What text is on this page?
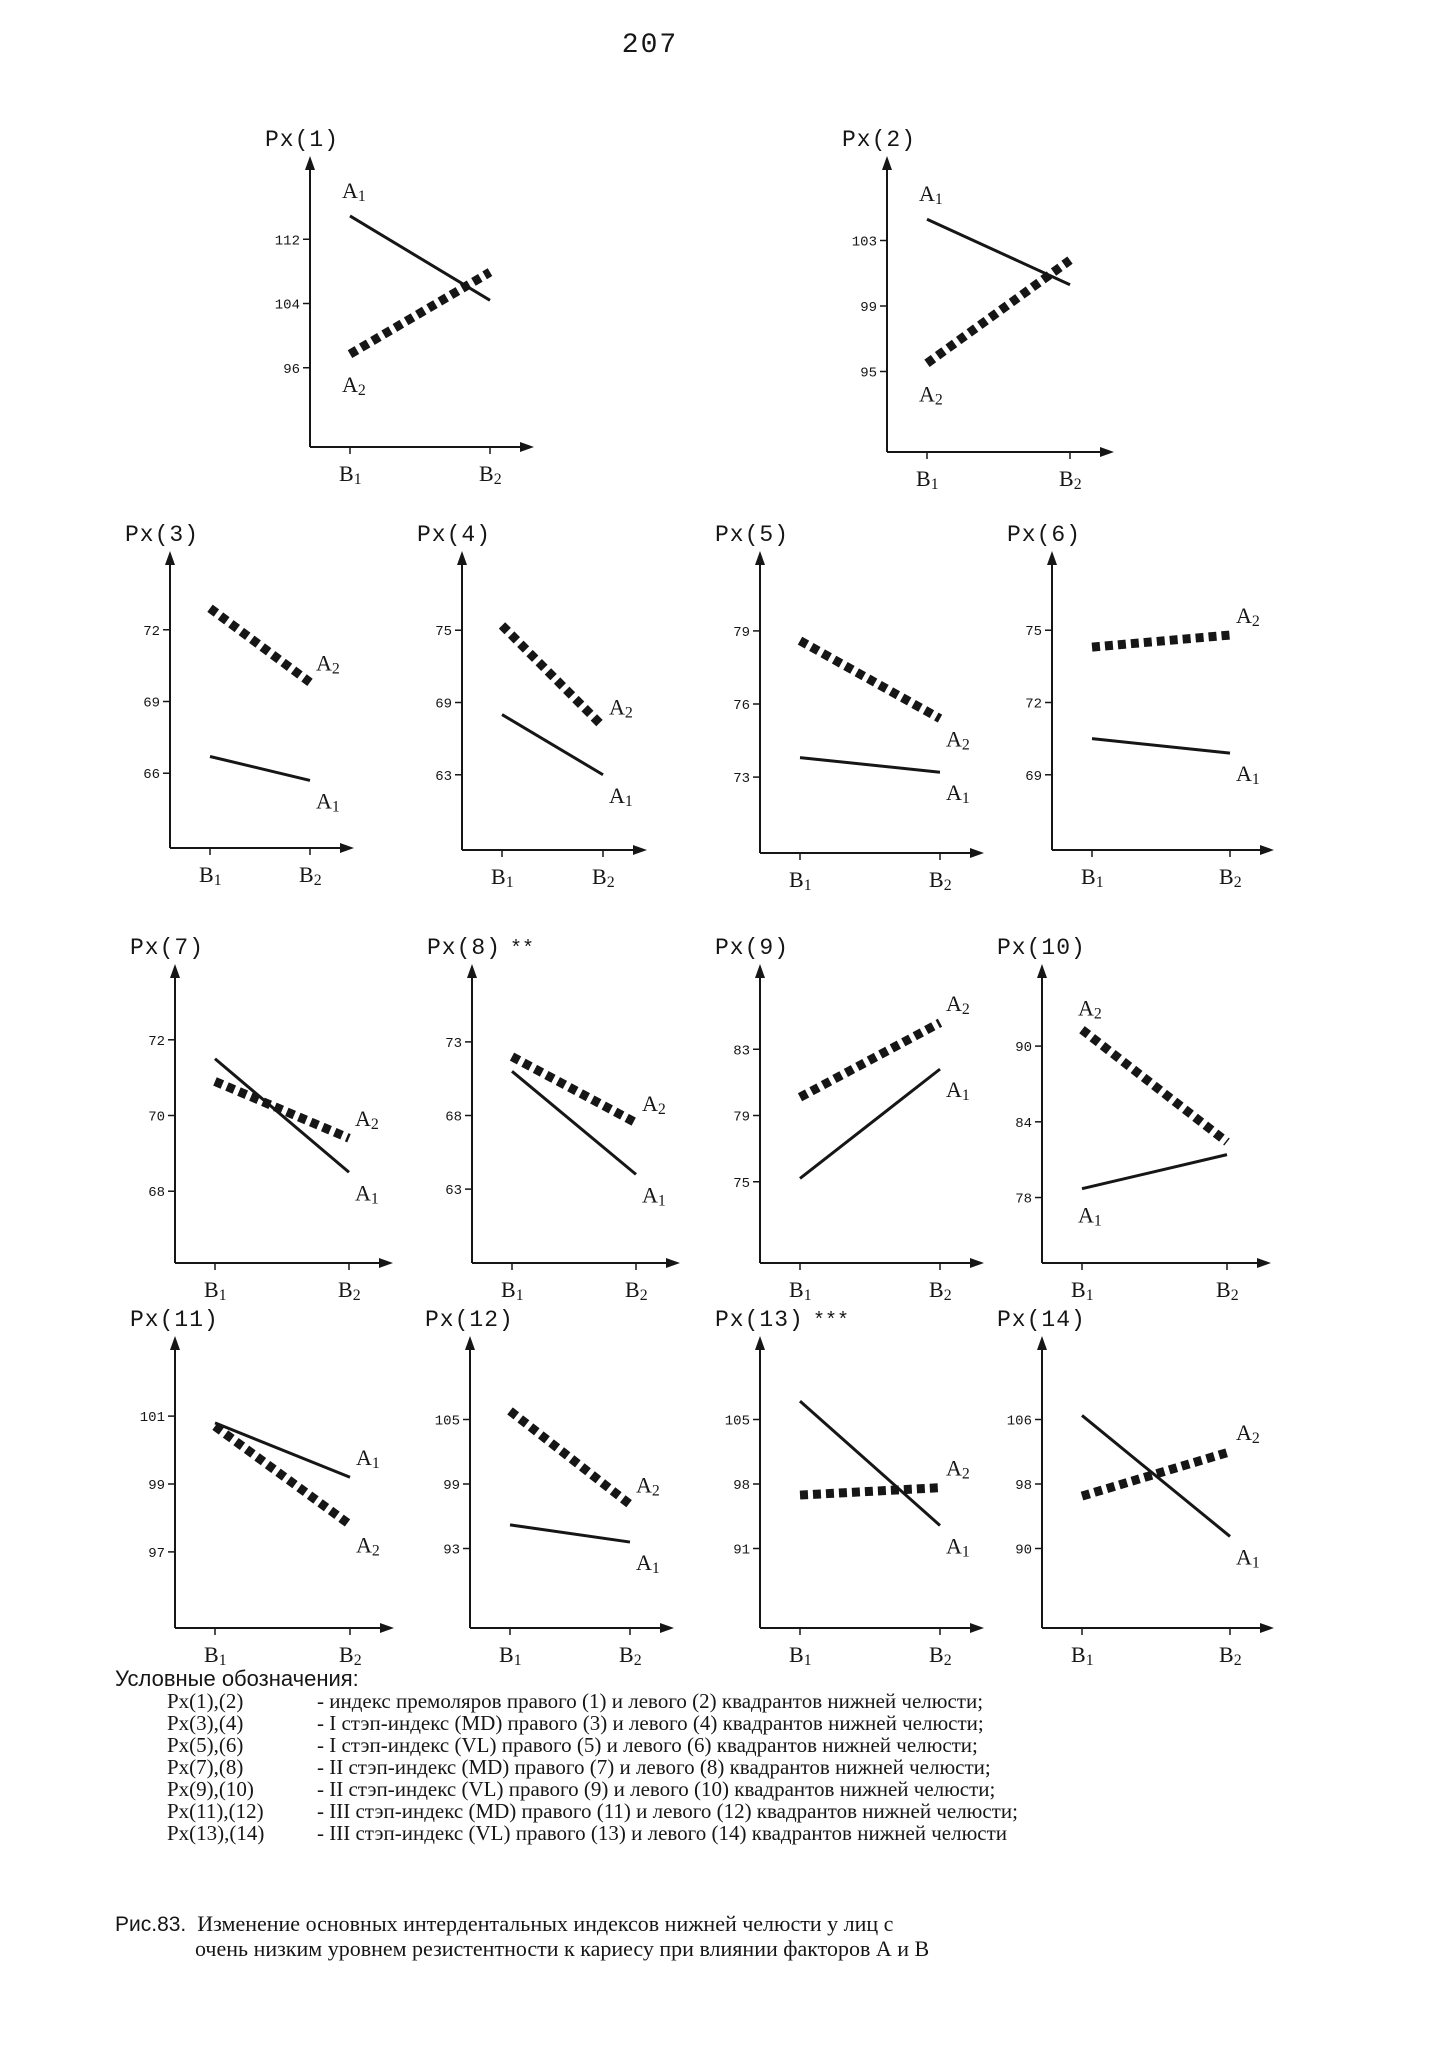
207
Px(1)
96
104
112
B1	B2
A1
A2
Px(2)
95
99
103
B1	B2
A1
A2
Px(3)
66
69
72
B1	B2
A1
A2
Px(4)
63
69
75
B1	B2
A1
A2
Px(5)
73
76
79
B1	B2
A1
A2
Px(6)
69
72
75
B1	B2
A1
A2
Px(7)
68
70
72
B1	B2
A1
A2
Px(8) **
63
68
73
B1	B2
A1
A2
Px(9)
75
79
83
B1	B2
A1
A2
Px(10)
78
84
90
B1	B2
A1
A2
Px(11)
97
99
101
B1	B2
A1
A2
Px(12)
93
99
105
B1	B2
A1
A2
Px(13) ***
91
98
105
B1	B2
A1
A2
Px(14)
90
98
106
B1	B2
A1
A2
Условные обозначения:
Px(1),(2)	- индекс премоляров правого (1) и левого (2) квадрантов нижней челюсти;
Px(3),(4)	- I стэп-индекс (MD) правого (3) и левого (4) квадрантов нижней челюсти;
Px(5),(6)	- I стэп-индекс (VL) правого (5) и левого (6) квадрантов нижней челюсти;
Px(7),(8)	- II стэп-индекс (MD) правого (7) и левого (8) квадрантов нижней челюсти;
Px(9),(10)	- II стэп-индекс (VL) правого (9) и левого (10) квадрантов нижней челюсти;
Px(11),(12)	- III стэп-индекс (MD) правого (11) и левого (12) квадрантов нижней челюсти;
Px(13),(14)	- III стэп-индекс (VL) правого (13) и левого (14) квадрантов нижней челюсти
Рис.83. Изменение основных интердентальных индексов нижней челюсти у лиц с
очень низким уровнем резистентности к кариесу при влиянии факторов А и В
